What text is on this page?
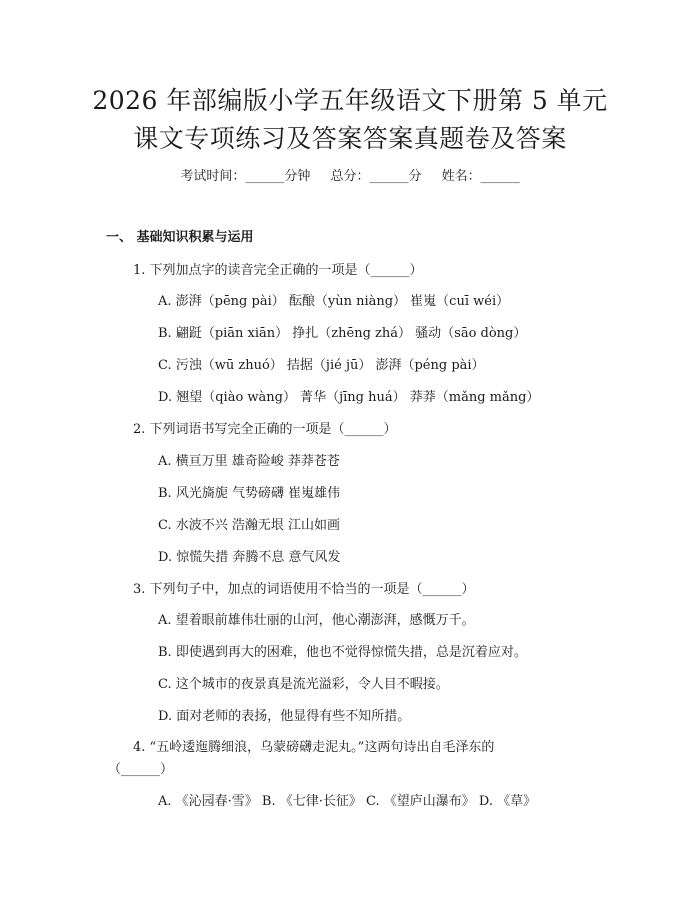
2026 年部编版小学五年级语文下册第 5 单元
课文专项练习及答案答案真题卷及答案
考试时间：______分钟 总分：______分 姓名：______
一、 基础知识积累与运用
1. 下列加点字的读音完全正确的一项是（______）
A. 澎湃（pēng pài） 酝酿（yùn niàng） 崔嵬（cuī wéi）
B. 翩跹（piān xiān） 挣扎（zhēng zhá） 骚动（sāo dòng）
C. 污浊（wū zhuó） 拮据（jié jū） 澎湃（péng pài）
D. 翘望（qiào wàng） 菁华（jīng huá） 莽莽（mǎng mǎng）
2. 下列词语书写完全正确的一项是（______）
A. 横亘万里 雄奇险峻 莽莽苍苍
B. 风光旖旎 气势磅礴 崔嵬雄伟
C. 水波不兴 浩瀚无垠 江山如画
D. 惊慌失措 奔腾不息 意气风发
3. 下列句子中，加点的词语使用不恰当的一项是（______）
A. 望着眼前雄伟壮丽的山河，他心潮澎湃，感慨万千。
B. 即使遇到再大的困难，他也不觉得惊慌失措，总是沉着应对。
C. 这个城市的夜景真是流光溢彩，令人目不暇接。
D. 面对老师的表扬，他显得有些不知所措。
4. “五岭逶迤腾细浪，乌蒙磅礴走泥丸。”这两句诗出自毛泽东的
（______）
A. 《沁园春·雪》 B. 《七律·长征》 C. 《望庐山瀑布》 D. 《草》
